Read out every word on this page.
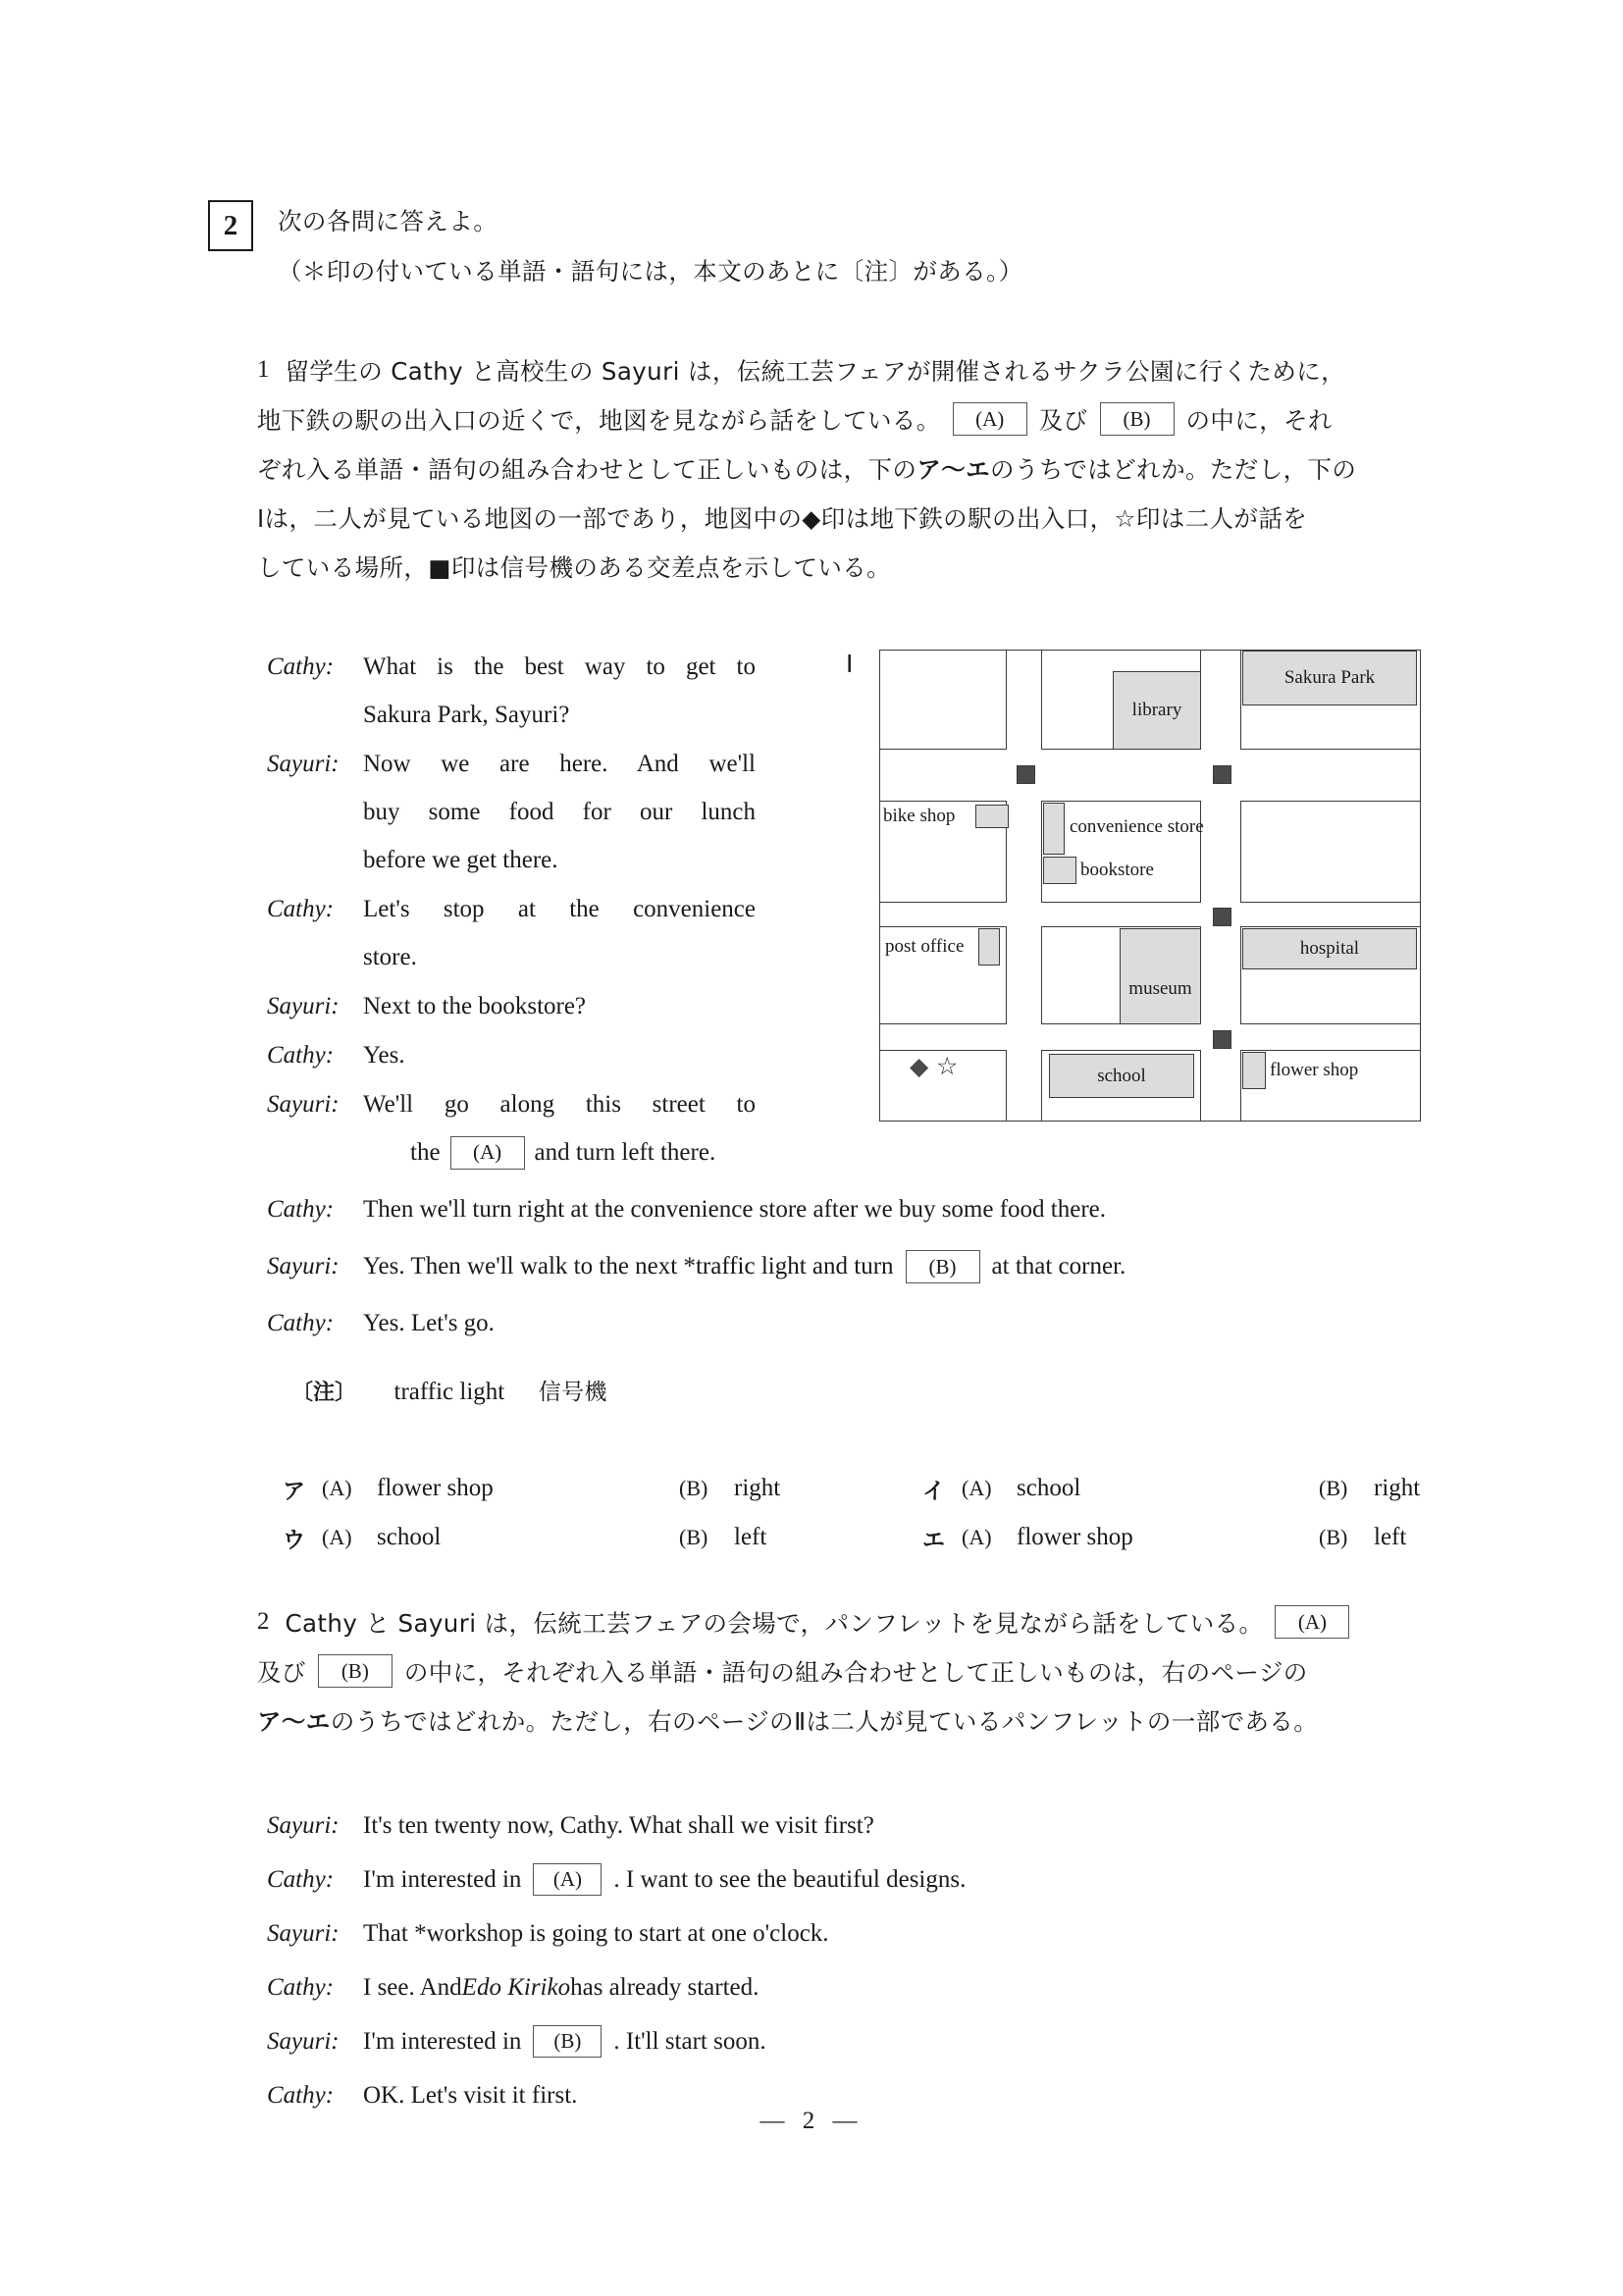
2	次の各問に答えよ。
（＊印の付いている単語・語句には，本文のあとに〔注〕がある。）
1 留学生の Cathy と高校生の Sayuri は，伝統工芸フェアが開催されるサクラ公園に行くために，
地下鉄の駅の出入口の近くで，地図を見ながら話をしている。	(A)	及び	(B)	の中に，それ
ぞれ入る単語・語句の組み合わせとして正しいものは，下の ア～エ のうちではどれか。ただし，下の
Ⅰは，二人が見ている地図の一部であり，地図中の◆印は地下鉄の駅の出入口，☆印は二人が話を
している場所，■印は信号機のある交差点を示している。
Cathy:	What is the best way to get to
Sakura Park, Sayuri?
Sayuri: Now we are here. And we'll
buy some food for our lunch
before we get there.
Cathy:	Let's stop at the convenience
store.
Sayuri: Next to the bookstore?
Cathy:	Yes.
Sayuri: We'll go along this street to
the	(A)	and turn left there.
Ⅰ
library
Sakura Park
bike shop
convenience store
bookstore
post office
museum
hospital
school	flower shop
◆ ☆
Cathy:	Then we'll turn right at the convenience store after we buy some food there.
Sayuri: Yes. Then we'll walk to the next *traffic light and turn	(B)	at that corner.
Cathy:	Yes. Let's go.
〔注〕 traffic light 信号機
ア (A)	flower shop	(B)	right	イ (A)	school	(B)	right
ウ (A)	school	(B)	left	エ (A)	flower shop	(B)	left
2 Cathy と Sayuri は，伝統工芸フェアの会場で，パンフレットを見ながら話をしている。	(A)
及び	(B)	の中に，それぞれ入る単語・語句の組み合わせとして正しいものは，右のページの
ア～エ のうちではどれか。ただし，右のページのⅡは二人が見ているパンフレットの一部である。
Sayuri: It's ten twenty now, Cathy. What shall we visit first?
Cathy:	I'm interested in	(A)	. I want to see the beautiful designs.
Sayuri: That *workshop is going to start at one o'clock.
Cathy:	I see. And Edo Kiriko has already started.
Sayuri: I'm interested in	(B)	. It'll start soon.
Cathy:	OK. Let's visit it first.
— 2 —
